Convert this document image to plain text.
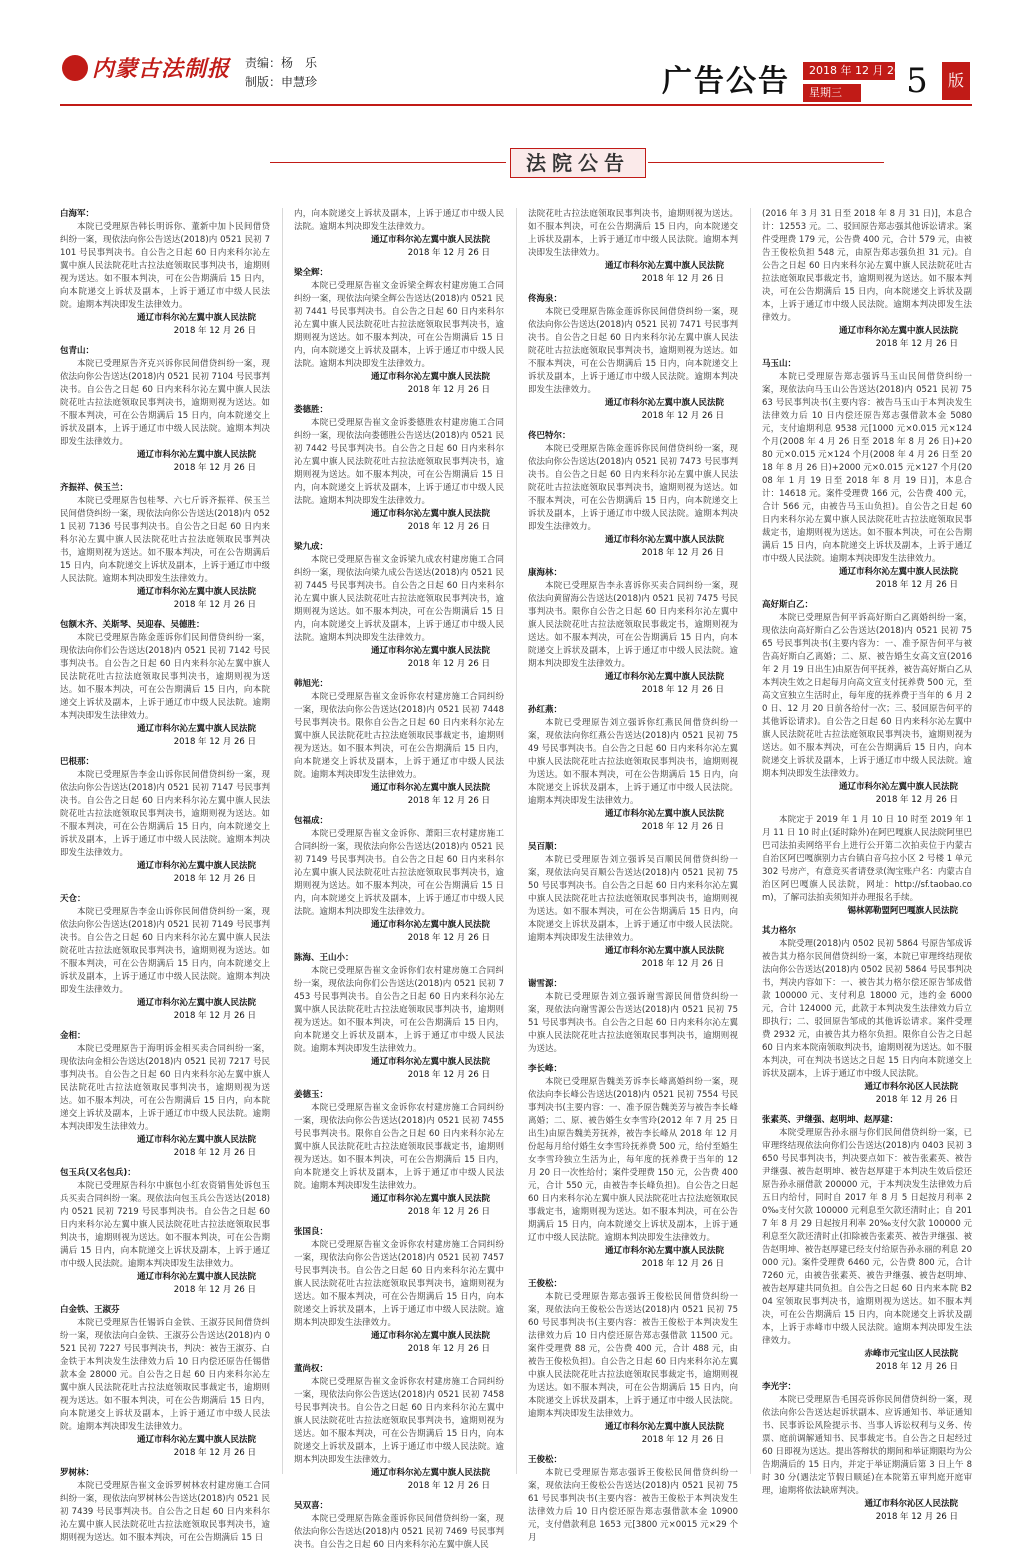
内蒙古法制报 责编：杨　乐
制版：申慧珍	广告公告	2018 年 12 月 26 日
星期三	5	版
法院公告
白海军：
本院已受理原告韩长明诉你、董新中加卜民间借贷纠纷一案，现依法向你公告送达(2018)内 0521 民初 7101 号民事判决书。自公告之日起 60 日内来科尔沁左翼中旗人民法院花吐古拉法庭领取民事判决书，逾期则视为送达。如不服本判决，可在公告期满后 15 日内，向本院递交上诉状及副本，上诉于通辽市中级人民法院。逾期本判决即发生法律效力。
通辽市科尔沁左翼中旗人民法院
2018 年 12 月 26 日
包青山：
本院已受理原告齐克兴诉你民间借贷纠纷一案，现依法向你公告送达(2018)内 0521 民初 7104 号民事判决书。自公告之日起 60 日内来科尔沁左翼中旗人民法院花吐古拉法庭领取民事判决书，逾期则视为送达。如不服本判决，可在公告期满后 15 日内，向本院递交上诉状及副本，上诉于通辽市中级人民法院。逾期本判决即发生法律效力。
通辽市科尔沁左翼中旗人民法院
2018 年 12 月 26 日
齐振祥、侯玉兰：
本院已受理原告包桂琴、六七斤诉齐振祥、侯玉兰民间借贷纠纷一案，现依法向你公告送达(2018)内 0521 民初 7136 号民事判决书。自公告之日起 60 日内来科尔沁左翼中旗人民法院花吐古拉法庭领取民事判决书，逾期则视为送达。如不服本判决，可在公告期满后 15 日内，向本院递交上诉状及副本，上诉于通辽市中级人民法院。逾期本判决即发生法律效力。
通辽市科尔沁左翼中旗人民法院
2018 年 12 月 26 日
包额木齐、关斯琴、吴迎春、吴德胜：
本院已受理原告陈金莲诉你们民间借贷纠纷一案，现依法向你们公告送达(2018)内 0521 民初 7142 号民事判决书。自公告之日起 60 日内来科尔沁左翼中旗人民法院花吐古拉法庭领取民事判决书，逾期则视为送达。如不服本判决，可在公告期满后 15 日内，向本院递交上诉状及副本，上诉于通辽市中级人民法院。逾期本判决即发生法律效力。
通辽市科尔沁左翼中旗人民法院
2018 年 12 月 26 日
巴根那：
本院已受理原告李金山诉你民间借贷纠纷一案，现依法向你公告送达(2018)内 0521 民初 7147 号民事判决书。自公告之日起 60 日内来科尔沁左翼中旗人民法院花吐古拉法庭领取民事判决书，逾期则视为送达。如不服本判决，可在公告期满后 15 日内，向本院递交上诉状及副本，上诉于通辽市中级人民法院。逾期本判决即发生法律效力。
通辽市科尔沁左翼中旗人民法院
2018 年 12 月 26 日
天仓：
本院已受理原告李金山诉你民间借贷纠纷一案，现依法向你公告送达(2018)内 0521 民初 7149 号民事判决书。自公告之日起 60 日内来科尔沁左翼中旗人民法院花吐古拉法庭领取民事判决书，逾期则视为送达。如不服本判决，可在公告期满后 15 日内，向本院递交上诉状及副本，上诉于通辽市中级人民法院。逾期本判决即发生法律效力。
通辽市科尔沁左翼中旗人民法院
2018 年 12 月 26 日
金相：
本院已受理原告于海明诉金相买卖合同纠纷一案，现依法向金相公告送达(2018)内 0521 民初 7217 号民事判决书。自公告之日起 60 日内来科尔沁左翼中旗人民法院花吐古拉法庭领取民事判决书，逾期则视为送达。如不服本判决，可在公告期满后 15 日内，向本院递交上诉状及副本，上诉于通辽市中级人民法院。逾期本判决即发生法律效力。
通辽市科尔沁左翼中旗人民法院
2018 年 12 月 26 日
包玉兵(又名包兵)：
本院已受理原告科尔中旗包小红农资销售处诉包玉兵买卖合同纠纷一案。现依法向包玉兵公告送达(2018)内 0521 民初 7219 号民事判决书。自公告之日起 60 日内来科尔沁左翼中旗人民法院花吐古拉法庭领取民事判决书，逾期则视为送达。如不服本判决，可在公告期满后 15 日内，向本院递交上诉状及副本，上诉于通辽市中级人民法院。逾期本判决即发生法律效力。
通辽市科尔沁左翼中旗人民法院
2018 年 12 月 26 日
白金铁、王淑芬
本院已受理原告任锡诉白金铁、王淑芬民间借贷纠纷一案，现依法向白金铁、王淑芬公告送达(2018)内 0521 民初 7227 号民事判决书，判决：被告王淑芬、白金铁于本判决发生法律效力后 10 日内偿还原告任锡借款本金 28000 元。自公告之日起 60 日内来科尔沁左翼中旗人民法院花吐古拉法庭领取民事裁定书，逾期则视为送达。如不服本判决，可在公告期满后 15 日内，向本院递交上诉状及副本，上诉于通辽市中级人民法院。逾期本判决即发生法律效力。
通辽市科尔沁左翼中旗人民法院
2018 年 12 月 26 日
罗树林：
本院已受理原告崔文金诉罗树林农村建房施工合同纠纷一案，现依法向罗树林公告送达(2018)内 0521 民初 7439 号民事判决书。自公告之日起 60 日内来科尔沁左翼中旗人民法院花吐古拉法庭领取民事判决书，逾期则视为送达。如不服本判决，可在公告期满后 15 日
内，向本院递交上诉状及副本，上诉于通辽市中级人民法院。逾期本判决即发生法律效力。
通辽市科尔沁左翼中旗人民法院
2018 年 12 月 26 日
梁全辉：
本院已受理原告崔文金诉梁全辉农村建房施工合同纠纷一案，现依法向梁全辉公告送达(2018)内 0521 民初 7441 号民事判决书。自公告之日起 60 日内来科尔沁左翼中旗人民法院花吐古拉法庭领取民事判决书，逾期则视为送达。如不服本判决，可在公告期满后 15 日内，向本院递交上诉状及副本，上诉于通辽市中级人民法院。逾期本判决即发生法律效力。
通辽市科尔沁左翼中旗人民法院
2018 年 12 月 26 日
娄德胜：
本院已受理原告崔文金诉娄德胜农村建房施工合同纠纷一案，现依法向娄德胜公告送达(2018)内 0521 民初 7442 号民事判决书。自公告之日起 60 日内来科尔沁左翼中旗人民法院花吐古拉法庭领取民事判决书，逾期则视为送达。如不服本判决，可在公告期满后 15 日内，向本院递交上诉状及副本，上诉于通辽市中级人民法院。逾期本判决即发生法律效力。
通辽市科尔沁左翼中旗人民法院
2018 年 12 月 26 日
梁九成：
本院已受理原告崔文金诉梁九成农村建房施工合同纠纷一案，现依法向梁九成公告送达(2018)内 0521 民初 7445 号民事判决书。自公告之日起 60 日内来科尔沁左翼中旗人民法院花吐古拉法庭领取民事判决书，逾期则视为送达。如不服本判决，可在公告期满后 15 日内，向本院递交上诉状及副本，上诉于通辽市中级人民法院。逾期本判决即发生法律效力。
通辽市科尔沁左翼中旗人民法院
2018 年 12 月 26 日
韩旭光：
本院已受理原告崔文金诉你农村建房施工合同纠纷一案，现依法向你公告送达(2018)内 0521 民初 7448 号民事判决书。限你自公告之日起 60 日内来科尔沁左翼中旗人民法院花吐古拉法庭领取民事裁定书，逾期则视为送达。如不服本判决，可在公告期满后 15 日内，向本院递交上诉状及副本，上诉于通辽市中级人民法院。逾期本判决即发生法律效力。
通辽市科尔沁左翼中旗人民法院
2018 年 12 月 26 日
包福成：
本院已受理原告崔文金诉你、萧阳三农村建房施工合同纠纷一案，现依法向你公告送达(2018)内 0521 民初 7149 号民事判决书。自公告之日起 60 日内来科尔沁左翼中旗人民法院花吐古拉法庭领取民事判决书，逾期则视为送达。如不服本判决，可在公告期满后 15 日内，向本院递交上诉状及副本，上诉于通辽市中级人民法院。逾期本判决即发生法律效力。
通辽市科尔沁左翼中旗人民法院
2018 年 12 月 26 日
陈海、王山小：
本院已受理原告崔文金诉你们农村建房施工合同纠纷一案，现依法向你们公告送达(2018)内 0521 民初 7453 号民事判决书。自公告之日起 60 日内来科尔沁左翼中旗人民法院花吐古拉法庭领取民事判决书，逾期则视为送达。如不服本判决，可在公告期满后 15 日内，向本院递交上诉状及副本，上诉于通辽市中级人民法院。逾期本判决即发生法律效力。
通辽市科尔沁左翼中旗人民法院
2018 年 12 月 26 日
姜德玉：
本院已受理原告崔文金诉你农村建房施工合同纠纷一案，现依法向你公告送达(2018)内 0521 民初 7455 号民事判决书。限你自公告之日起 60 日内来科尔沁左翼中旗人民法院花吐古拉法庭领取民事裁定书，逾期则视为送达。如不服本判决，可在公告期满后 15 日内，向本院递交上诉状及副本，上诉于通辽市中级人民法院。逾期本判决即发生法律效力。
通辽市科尔沁左翼中旗人民法院
2018 年 12 月 26 日
张国良：
本院已受理原告崔文金诉你农村建房施工合同纠纷一案，现依法向你公告送达(2018)内 0521 民初 7457 号民事判决书。自公告之日起 60 日内来科尔沁左翼中旗人民法院花吐古拉法庭领取民事判决书，逾期则视为送达。如不服本判决，可在公告期满后 15 日内，向本院递交上诉状及副本，上诉于通辽市中级人民法院。逾期本判决即发生法律效力。
通辽市科尔沁左翼中旗人民法院
2018 年 12 月 26 日
董尚权：
本院已受理原告崔文金诉你农村建房施工合同纠纷一案，现依法向你公告送达(2018)内 0521 民初 7458 号民事判决书。自公告之日起 60 日内来科尔沁左翼中旗人民法院花吐古拉法庭领取民事判决书，逾期则视为送达。如不服本判决，可在公告期满后 15 日内，向本院递交上诉状及副本，上诉于通辽市中级人民法院。逾期本判决即发生法律效力。
通辽市科尔沁左翼中旗人民法院
2018 年 12 月 26 日
吴双喜：
本院已受理原告陈金莲诉你民间借贷纠纷一案，现依法向你公告送达(2018)内 0521 民初 7469 号民事判决书。自公告之日起 60 日内来科尔沁左翼中旗人民
法院花吐古拉法庭领取民事判决书，逾期则视为送达。如不服本判决，可在公告期满后 15 日内，向本院递交上诉状及副本，上诉于通辽市中级人民法院。逾期本判决即发生法律效力。
通辽市科尔沁左翼中旗人民法院
2018 年 12 月 26 日
佟海泉：
本院已受理原告陈金莲诉你民间借贷纠纷一案，现依法向你公告送达(2018)内 0521 民初 7471 号民事判决书。自公告之日起 60 日内来科尔沁左翼中旗人民法院花吐古拉法庭领取民事判决书，逾期则视为送达。如不服本判决，可在公告期满后 15 日内，向本院递交上诉状及副本，上诉于通辽市中级人民法院。逾期本判决即发生法律效力。
通辽市科尔沁左翼中旗人民法院
2018 年 12 月 26 日
佟巴特尔：
本院已受理原告陈金莲诉你民间借贷纠纷一案，现依法向你公告送达(2018)内 0521 民初 7473 号民事判决书。自公告之日起 60 日内来科尔沁左翼中旗人民法院花吐古拉法庭领取民事判决书，逾期则视为送达。如不服本判决，可在公告期满后 15 日内，向本院递交上诉状及副本，上诉于通辽市中级人民法院。逾期本判决即发生法律效力。
通辽市科尔沁左翼中旗人民法院
2018 年 12 月 26 日
康海林：
本院已受理原告李永喜诉你买卖合同纠纷一案，现依法向黄留海公告送达(2018)内 0521 民初 7475 号民事判决书。限你自公告之日起 60 日内来科尔沁左翼中旗人民法院花吐古拉法庭领取民事裁定书，逾期则视为送达。如不服本判决，可在公告期满后 15 日内，向本院递交上诉状及副本，上诉于通辽市中级人民法院。逾期本判决即发生法律效力。
通辽市科尔沁左翼中旗人民法院
2018 年 12 月 26 日
孙红燕：
本院已受理原告刘立强诉你红燕民间借贷纠纷一案，现依法向你红燕公告送达(2018)内 0521 民初 7549 号民事判决书。自公告之日起 60 日内来科尔沁左翼中旗人民法院花吐古拉法庭领取民事判决书，逾期则视为送达。如不服本判决，可在公告期满后 15 日内，向本院递交上诉状及副本，上诉于通辽市中级人民法院。逾期本判决即发生法律效力。
通辽市科尔沁左翼中旗人民法院
2018 年 12 月 26 日
吴百顺：
本院已受理原告刘立强诉吴百顺民间借贷纠纷一案，现依法向吴百顺公告送达(2018)内 0521 民初 7550 号民事判决书。自公告之日起 60 日内来科尔沁左翼中旗人民法院花吐古拉法庭领取民事判决书，逾期则视为送达。如不服本判决，可在公告期满后 15 日内，向本院递交上诉状及副本，上诉于通辽市中级人民法院。逾期本判决即发生法律效力。
通辽市科尔沁左翼中旗人民法院
2018 年 12 月 26 日
谢雪源：
本院已受理原告刘立强诉谢雪源民间借贷纠纷一案，现依法向谢雪源公告送达(2018)内 0521 民初 7551 号民事判决书。自公告之日起 60 日内来科尔沁左翼中旗人民法院花吐古拉法庭领取民事判决书，逾期则视为送达。
李长峰：
本院已受理原告魏美芳诉李长峰离婚纠纷一案，现依法向李长峰公告送达(2018)内 0521 民初 7554 号民事判决书(主要内容：一、准予原告魏美芳与被告李长峰离婚；二、原、被告婚生女李雪玲(2012 年 7 月 25 日出生)由原告魏美芳抚养，被告李长峰从 2018 年 12 月份起每月给付婚生女李雪玲抚养费 500 元，给付至婚生女李雪玲独立生活为止，每年度的抚养费于当年的 12 月 20 日一次性给付；案件受理费 150 元，公告费 400 元，合计 550 元，由被告李长峰负担)。自公告之日起 60 日内来科尔沁左翼中旗人民法院花吐古拉法庭领取民事裁定书，逾期则视为送达。如不服本判决，可在公告期满后 15 日内，向本院递交上诉状及副本，上诉于通辽市中级人民法院。逾期本判决即发生法律效力。
通辽市科尔沁左翼中旗人民法院
2018 年 12 月 26 日
王俊松：
本院已受理原告郑志强诉王俊松民间借贷纠纷一案，现依法向王俊松公告送达(2018)内 0521 民初 7560 号民事判决书(主要内容：被告王俊松于本判决发生法律效力后 10 日内偿还原告郑志强借款 11500 元。案件受理费 88 元，公告费 400 元，合计 488 元，由被告王俊松负担)。自公告之日起 60 日内来科尔沁左翼中旗人民法院花吐古拉法庭领取民事裁定书，逾期则视为送达。如不服本判决，可在公告期满后 15 日内，向本院递交上诉状及副本，上诉于通辽市中级人民法院。逾期本判决即发生法律效力。
通辽市科尔沁左翼中旗人民法院
2018 年 12 月 26 日
王俊松：
本院已受理原告郑志强诉王俊松民间借贷纠纷一案，现依法向王俊松公告送达(2018)内 0521 民初 7561 号民事判决书(主要内容：被告王俊松于本判决发生法律效力后 10 日内偿还原告郑志强借款本金 10900 元，支付借款利息 1653 元[3800 元×0015 元×29 个月
(2016 年 3 月 31 日至 2018 年 8 月 31 日)]，本息合计：12553 元。二、驳回原告郑志强其他诉讼请求。案件受理费 179 元，公告费 400 元，合计 579 元，由被告王俊松负担 548 元，由原告郑志强负担 31 元)。自公告之日起 60 日内来科尔沁左翼中旗人民法院花吐古拉法庭领取民事裁定书，逾期则视为送达。如不服本判决，可在公告期满后 15 日内，向本院递交上诉状及副本，上诉于通辽市中级人民法院。逾期本判决即发生法律效力。
通辽市科尔沁左翼中旗人民法院
2018 年 12 月 26 日
马玉山：
本院已受理原告郑志强诉马玉山民间借贷纠纷一案，现依法向马玉山公告送达(2018)内 0521 民初 7563 号民事判决书(主要内容：被告马玉山于本判决发生法律效力后 10 日内偿还原告郑志强借款本金 5080 元，支付逾期利息 9538 元[1000 元×0.015 元×124 个月(2008 年 4 月 26 日至 2018 年 8 月 26 日)+2080 元×0.015 元×124 个月(2008 年 4 月 26 日至 2018 年 8 月 26 日)+2000 元×0.015 元×127 个月(2008 年 1 月 19 日至 2018 年 8 月 19 日)]，本息合计：14618 元。案件受理费 166 元，公告费 400 元，合计 566 元，由被告马玉山负担)。自公告之日起 60 日内来科尔沁左翼中旗人民法院花吐古拉法庭领取民事裁定书，逾期则视为送达。如不服本判决，可在公告期满后 15 日内，向本院递交上诉状及副本，上诉于通辽市中级人民法院。逾期本判决即发生法律效力。
通辽市科尔沁左翼中旗人民法院
2018 年 12 月 26 日
高好斯白乙：
本院已受理原告何平诉高好斯白乙离婚纠纷一案，现依法向高好斯白乙公告送达(2018)内 0521 民初 7565 号民事判决书(主要内容为：一、准予原告何平与被告高好斯白乙离婚；二、原、被告婚生女高文宣(2016 年 2 月 19 日出生)由原告何平抚养，被告高好斯白乙从本判决生效之日起每月向高文宣支付抚养费 500 元，至高文宣独立生活时止，每年度的抚养费于当年的 6 月 20 日、12 月 20 日前各给付一次；三、驳回原告何平的其他诉讼请求)。自公告之日起 60 日内来科尔沁左翼中旗人民法院花吐古拉法庭领取民事判决书，逾期则视为送达。如不服本判决，可在公告期满后 15 日内，向本院递交上诉状及副本，上诉于通辽市中级人民法院。逾期本判决即发生法律效力。
通辽市科尔沁左翼中旗人民法院
2018 年 12 月 26 日
本院定于 2019 年 1 月 10 日 10 时至 2019 年 1 月 11 日 10 时止(延时除外)在阿巴嘎旗人民法院阿里巴巴司法拍卖网络平台上进行公开第二次拍卖位于内蒙古自治区阿巴嘎旗别力古台镇白音乌拉小区 2 号楼 1 单元 302 号房产，有意竞买者请登录(淘宝账户名：内蒙古自治区阿巴嘎旗人民法院，网址：http://sf.taobao.com)，了解司法拍卖须知并办理报名手续。
锡林郭勒盟阿巴嘎旗人民法院
其力格尔
本院受理(2018)内 0502 民初 5864 号原告邹成诉被告其力格尔民间借贷纠纷一案，本院已审理终结现依法向你公告送达(2018)内 0502 民初 5864 号民事判决书，判决内容如下：一、被告其力格尔偿还原告邹成借款 100000 元、支付利息 18000 元，违约金 6000 元，合计 124000 元，此款于本判决发生法律效力后立即执行；二、驳回原告邹成的其他诉讼请求。案件受理费 2932 元，由被告其力格尔负担。限你自公告之日起 60 日内来本院南领取判决书，逾期则视为送达。如不服本判决，可在判决书送达之日起 15 日内向本院递交上诉状及副本，上诉于通辽市中级人民法院。
通辽市科尔沁区人民法院
2018 年 12 月 26 日
张素英、尹继强、赵明坤、赵厚建：
本院受理原告孙永丽与你们民间借贷纠纷一案，已审理终结现依法向你们公告送达(2018)内 0403 民初 3650 号民事判决书，判决要点如下：被告张素英、被告尹继强、被告赵明坤、被告赵厚建于本判决生效后偿还原告孙永丽借款 200000 元，于本判决发生法律效力后五日内给付，同时自 2017 年 8 月 5 日起按月利率 20‰支付欠款 100000 元利息至欠款还清时止；自 2017 年 8 月 29 日起按月利率 20‰支付欠款 100000 元利息至欠款还清时止(扣除被告张素英、被告尹继强、被告赵明坤、被告赵厚建已经支付给原告孙永丽的利息 20000 元)。案件受理费 6460 元，公告费 800 元，合计 7260 元，由被告张素英、被告尹继强、被告赵明坤、被告赵厚建共同负担。自公告之日起 60 日内来本院 B204 室领取民事判决书，逾期则视为送达。如不服本判决，可在公告期满后 15 日内，向本院递交上诉状及副本，上诉于赤峰市中级人民法院。逾期本判决即发生法律效力。
赤峰市元宝山区人民法院
2018 年 12 月 26 日
李光宇：
本院已受理原告毛国亮诉你民间借贷纠纷一案，现依法向你公告送达起诉状副本、应诉通知书、举证通知书、民事诉讼风险提示书、当事人诉讼权利与义务、传票、庭前调解通知书、民事裁定书。自公告之日起经过 60 日即视为送达。提出答辩状的期间和举证期限均为公告期满后的 15 日内，并定于举证期满后第 3 日上午 8 时 30 分(遇法定节假日顺延)在本院第五审判庭开庭审理，逾期将依法缺席判决。
通辽市科尔沁区人民法院
2018 年 12 月 26 日
